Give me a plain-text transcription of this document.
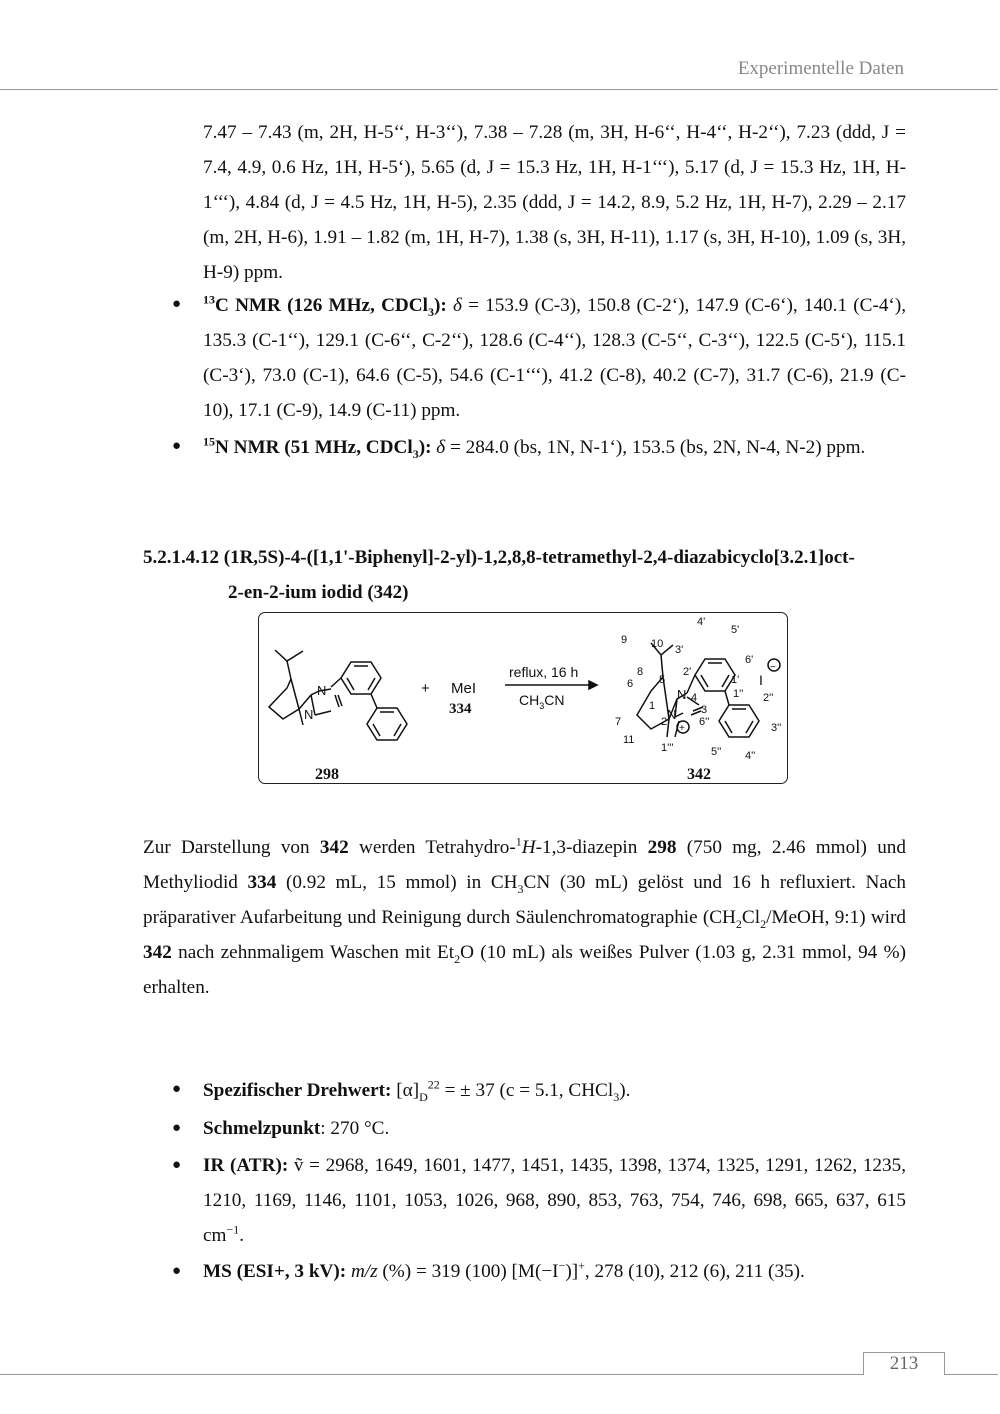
Experimentelle Daten

7.47 – 7.43 (m, 2H, H-5‘‘, H-3‘‘), 7.38 – 7.28 (m, 3H, H-6‘‘, H-4‘‘, H-2‘‘), 7.23 (ddd, J = 7.4, 4.9, 0.6 Hz, 1H, H-5‘), 5.65 (d, J = 15.3 Hz, 1H, H-1‘‘‘), 5.17 (d, J = 15.3 Hz, 1H, H-1‘‘‘), 4.84 (d, J = 4.5 Hz, 1H, H-5), 2.35 (ddd, J = 14.2, 8.9, 5.2 Hz, 1H, H-7), 2.29 – 2.17 (m, 2H, H-6), 1.91 – 1.82 (m, 1H, H-7), 1.38 (s, 3H, H-11), 1.17 (s, 3H, H-10), 1.09 (s, 3H, H-9) ppm.

● $^{13}$C NMR (126 MHz, CDCl$_3$): δ = 153.9 (C-3), 150.8 (C-2‘), 147.9 (C-6‘), 140.1 (C-4‘), 135.3 (C-1‘‘), 129.1 (C-6‘‘, C-2‘‘), 128.6 (C-4‘‘), 128.3 (C-5‘‘, C-3‘‘), 122.5 (C-5‘), 115.1 (C-3‘), 73.0 (C-1), 64.6 (C-5), 54.6 (C-1‘‘‘), 41.2 (C-8), 40.2 (C-7), 31.7 (C-6), 21.9 (C-10), 17.1 (C-9), 14.9 (C-11) ppm.

● $^{15}$N NMR (51 MHz, CDCl$_3$): δ = 284.0 (bs, 1N, N-1‘), 153.5 (bs, 2N, N-4, N-2) ppm.

5.2.1.4.12 (1R,5S)-4-([1,1'-Biphenyl]-2-yl)-1,2,8,8-tetramethyl-2,4-diazabicyclo[3.2.1]oct-
2-en-2-ium iodid (342)
N
N
+ MeI
334
reflux, 16 h
$CH_3CN$
298	342
9 10 3'
4'
5'
8
6 5
2'
6'
1'
1'' 2''
N 4
N
2
3
6''
7
1
11
1'''	5'' 4''
3''
I
−
+

Zur Darstellung von 342 werden Tetrahydro-$^1$H-1,3-diazepin 298 (750 mg, 2.46 mmol) und Methyliodid 334 (0.92 mL, 15 mmol) in $CH_3CN$ (30 mL) gelöst und 16 h refluxiert. Nach präparativer Aufarbeitung und Reinigung durch Säulenchromatographie ($CH_2Cl_2$/MeOH, 9:1) wird 342 nach zehnmaligem Waschen mit $Et_2O$ (10 mL) als weißes Pulver (1.03 g, 2.31 mmol, 94 %) erhalten.

● Spezifischer Drehwert: $[\alpha]_D^{22}$ = ± 37 (c = 5.1, CHCl$_3$).

● Schmelzpunkt: 270 °C.

● IR (ATR): ṽ = 2968, 1649, 1601, 1477, 1451, 1435, 1398, 1374, 1325, 1291, 1262, 1235, 1210, 1169, 1146, 1101, 1053, 1026, 968, 890, 853, 763, 754, 746, 698, 665, 637, 615 $cm^{-1}$.

● MS (ESI+, 3 kV): m/z (%) = 319 (100) [M(−I−)]+, 278 (10), 212 (6), 211 (35).

213
